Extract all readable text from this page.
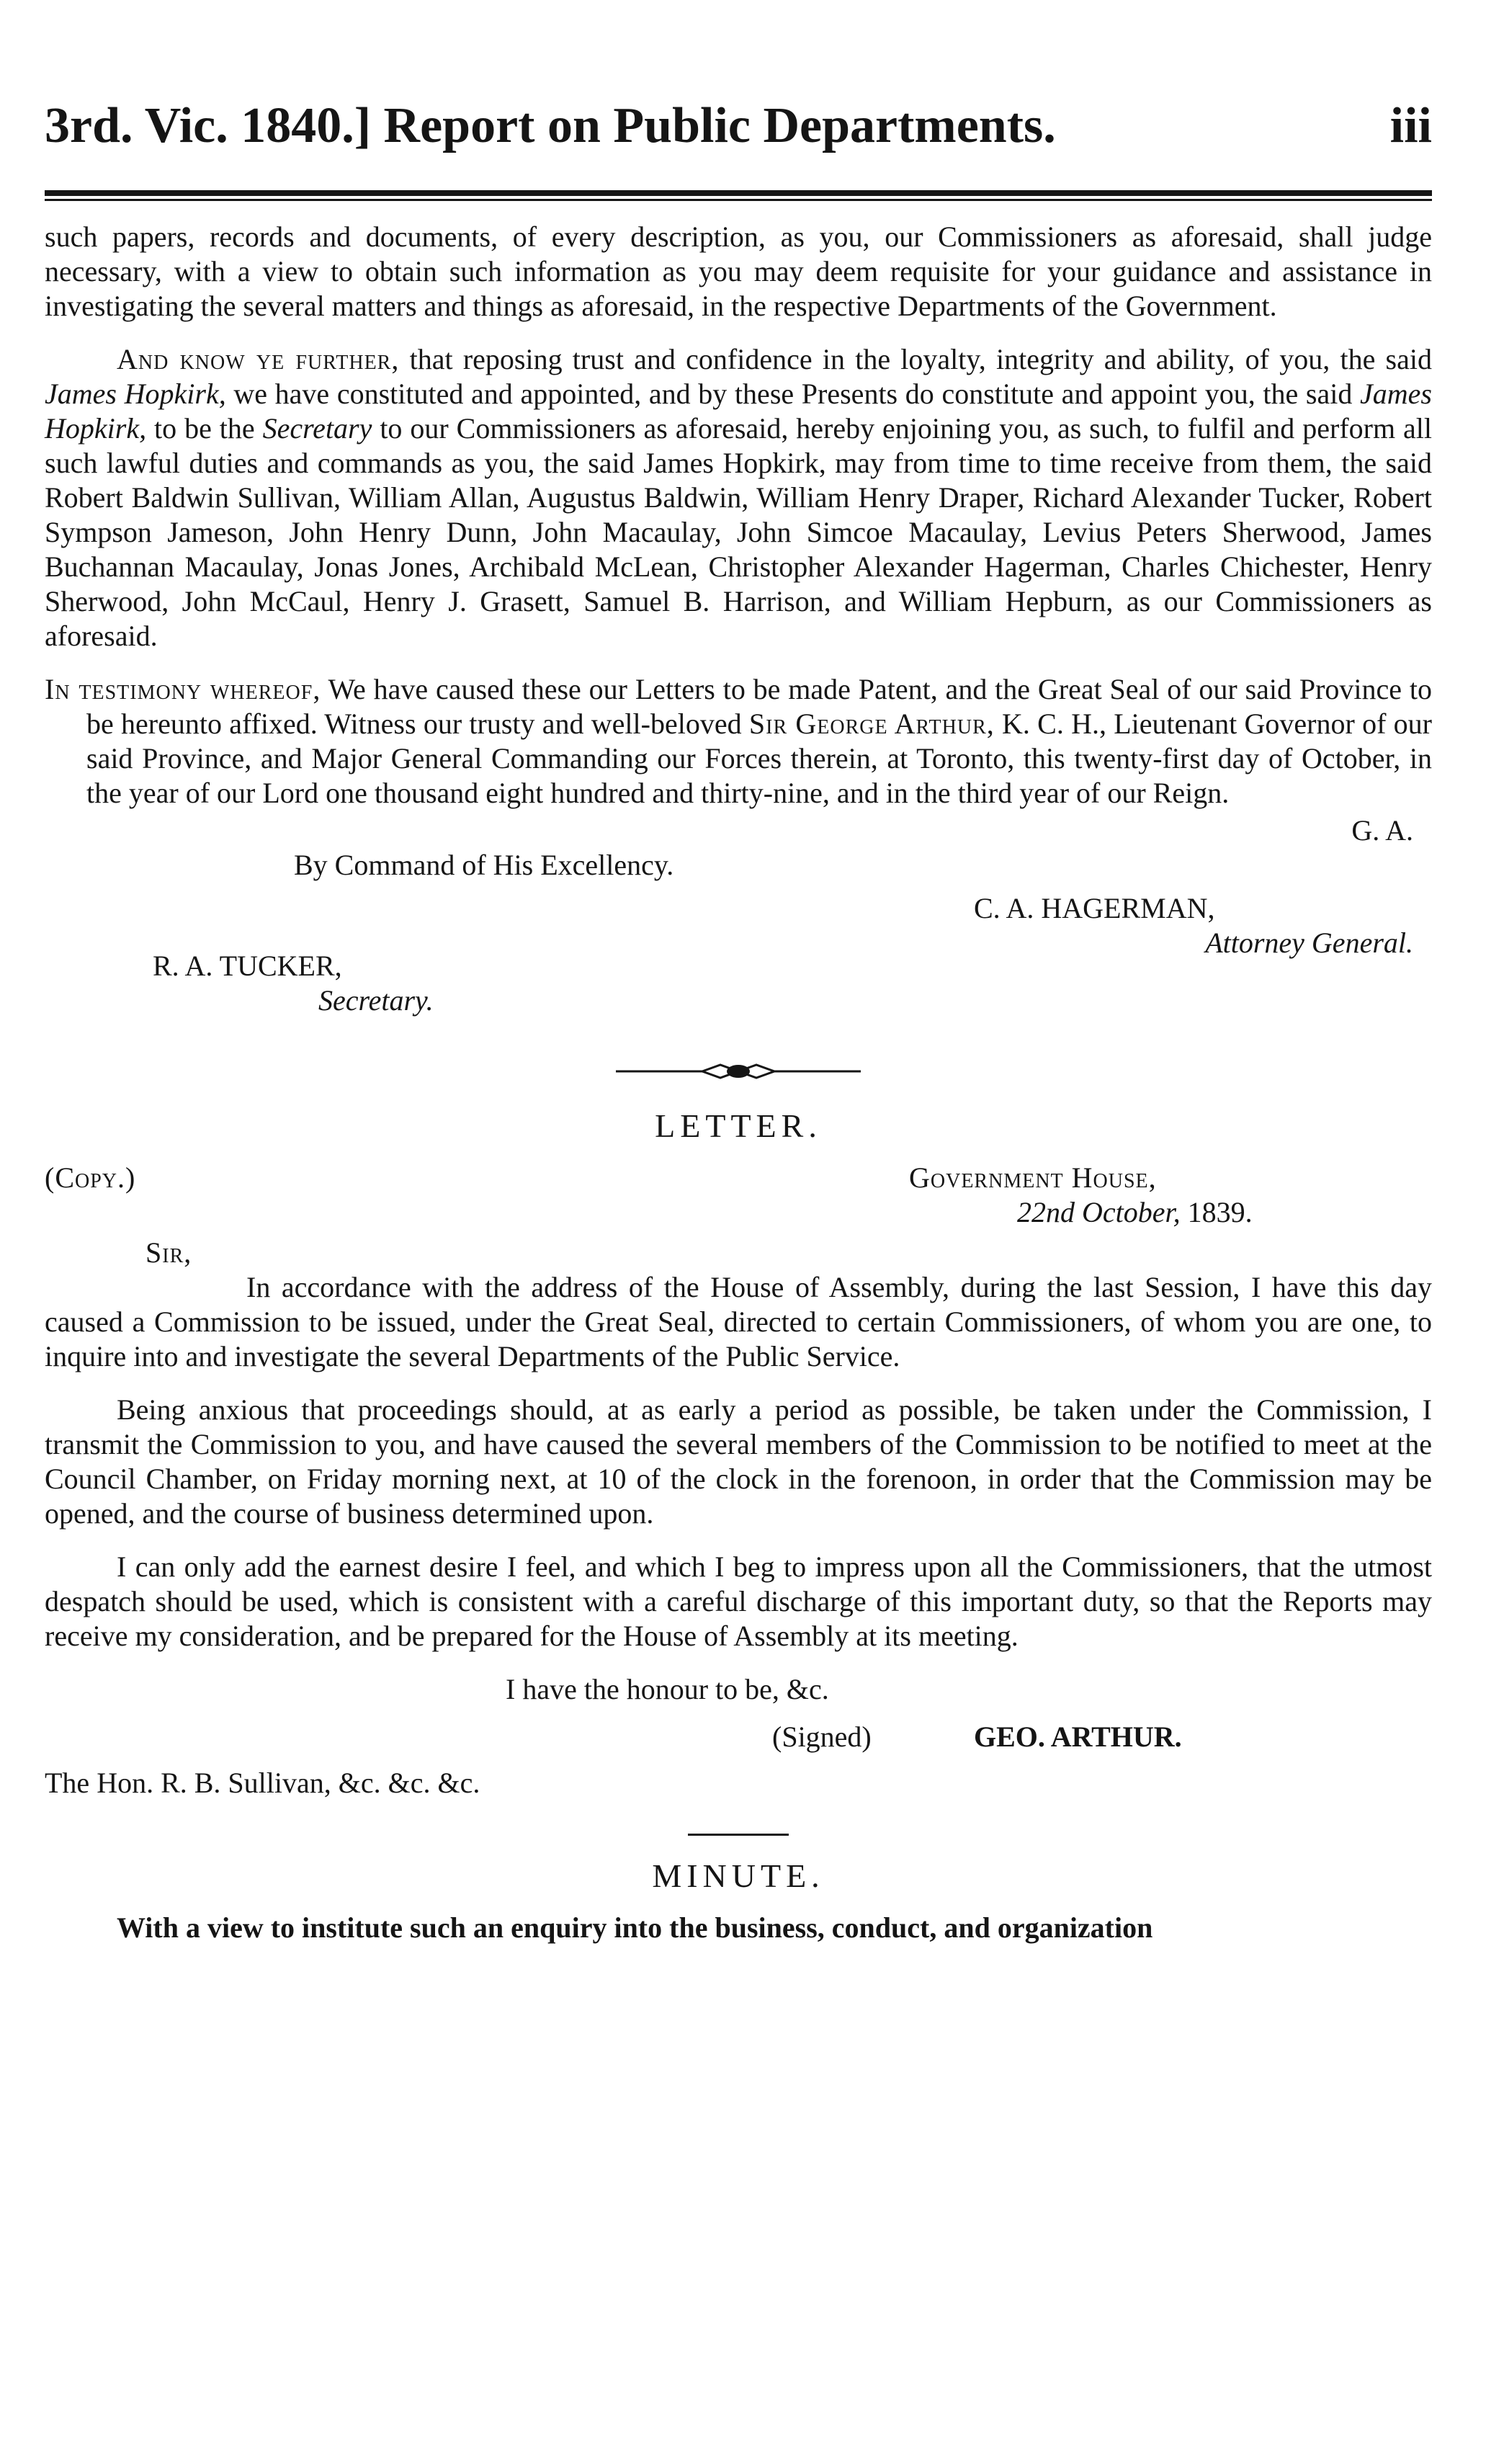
3rd. Vic. 1840.] Report on Public Departments.	iii

such papers, records and documents, of every description, as you, our Commissioners as aforesaid, shall judge necessary, with a view to obtain such information as you may deem requisite for your guidance and assistance in investigating the several matters and things as aforesaid, in the respective Departments of the Government.

And know ye further, that reposing trust and confidence in the loyalty, integrity and ability, of you, the said James Hopkirk, we have constituted and appointed, and by these Presents do constitute and appoint you, the said James Hopkirk, to be the Secretary to our Commissioners as aforesaid, hereby enjoining you, as such, to fulfil and perform all such lawful duties and commands as you, the said James Hopkirk, may from time to time receive from them, the said Robert Baldwin Sullivan, William Allan, Augustus Baldwin, William Henry Draper, Richard Alexander Tucker, Robert Sympson Jameson, John Henry Dunn, John Macaulay, John Simcoe Macaulay, Levius Peters Sherwood, James Buchannan Macaulay, Jonas Jones, Archibald McLean, Christopher Alexander Hagerman, Charles Chichester, Henry Sherwood, John McCaul, Henry J. Grasett, Samuel B. Harrison, and William Hepburn, as our Commissioners as aforesaid.

In testimony whereof, We have caused these our Letters to be made Patent, and the Great Seal of our said Province to be hereunto affixed. Witness our trusty and well-beloved Sir George Arthur, K. C. H., Lieutenant Governor of our said Province, and Major General Commanding our Forces therein, at Toronto, this twenty-first day of October, in the year of our Lord one thousand eight hundred and thirty-nine, and in the third year of our Reign.

G. A.
By Command of His Excellency.
C. A. HAGERMAN,
Attorney General.
R. A. TUCKER,
Secretary.
LETTER.
(Copy.)	Government House,
22nd October, 1839.
Sir,

In accordance with the address of the House of Assembly, during the last Session, I have this day caused a Commission to be issued, under the Great Seal, directed to certain Commissioners, of whom you are one, to inquire into and investigate the several Departments of the Public Service.

Being anxious that proceedings should, at as early a period as possible, be taken under the Commission, I transmit the Commission to you, and have caused the several members of the Commission to be notified to meet at the Council Chamber, on Friday morning next, at 10 of the clock in the forenoon, in order that the Commission may be opened, and the course of business determined upon.

I can only add the earnest desire I feel, and which I beg to impress upon all the Commissioners, that the utmost despatch should be used, which is consistent with a careful discharge of this important duty, so that the Reports may receive my consideration, and be prepared for the House of Assembly at its meeting.

I have the honour to be, &c.
(Signed)	GEO. ARTHUR.
The Hon. R. B. Sullivan, &c. &c. &c.
MINUTE.

With a view to institute such an enquiry into the business, conduct, and organization
